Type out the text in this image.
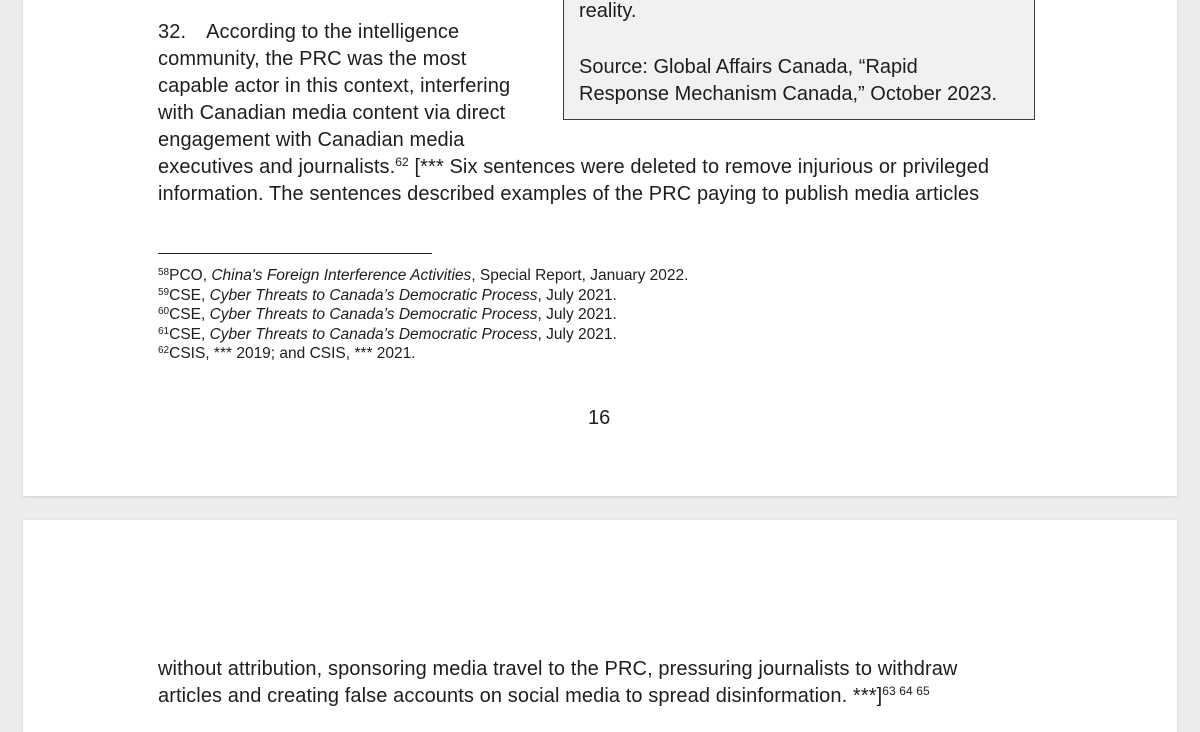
32. According to the intelligence
community, the PRC was the most
capable actor in this context, interfering
with Canadian media content via direct
engagement with Canadian media

reality.
Source: Global Affairs Canada, “Rapid
Response Mechanism Canada,” October 2023.

executives and journalists.$^{62}$ [*** Six sentences were deleted to remove injurious or privileged
information. The sentences described examples of the PRC paying to publish media articles

$^{58}$PCO, China's Foreign Interference Activities, Special Report, January 2022.
$^{59}$CSE, Cyber Threats to Canada’s Democratic Process, July 2021.
$^{60}$CSE, Cyber Threats to Canada’s Democratic Process, July 2021.
$^{61}$CSE, Cyber Threats to Canada’s Democratic Process, July 2021.
$^{62}$CSIS, *** 2019; and CSIS, *** 2021.
16

without attribution, sponsoring media travel to the PRC, pressuring journalists to withdraw
articles and creating false accounts on social media to spread disinformation. ***]$^{63 64 65}$
